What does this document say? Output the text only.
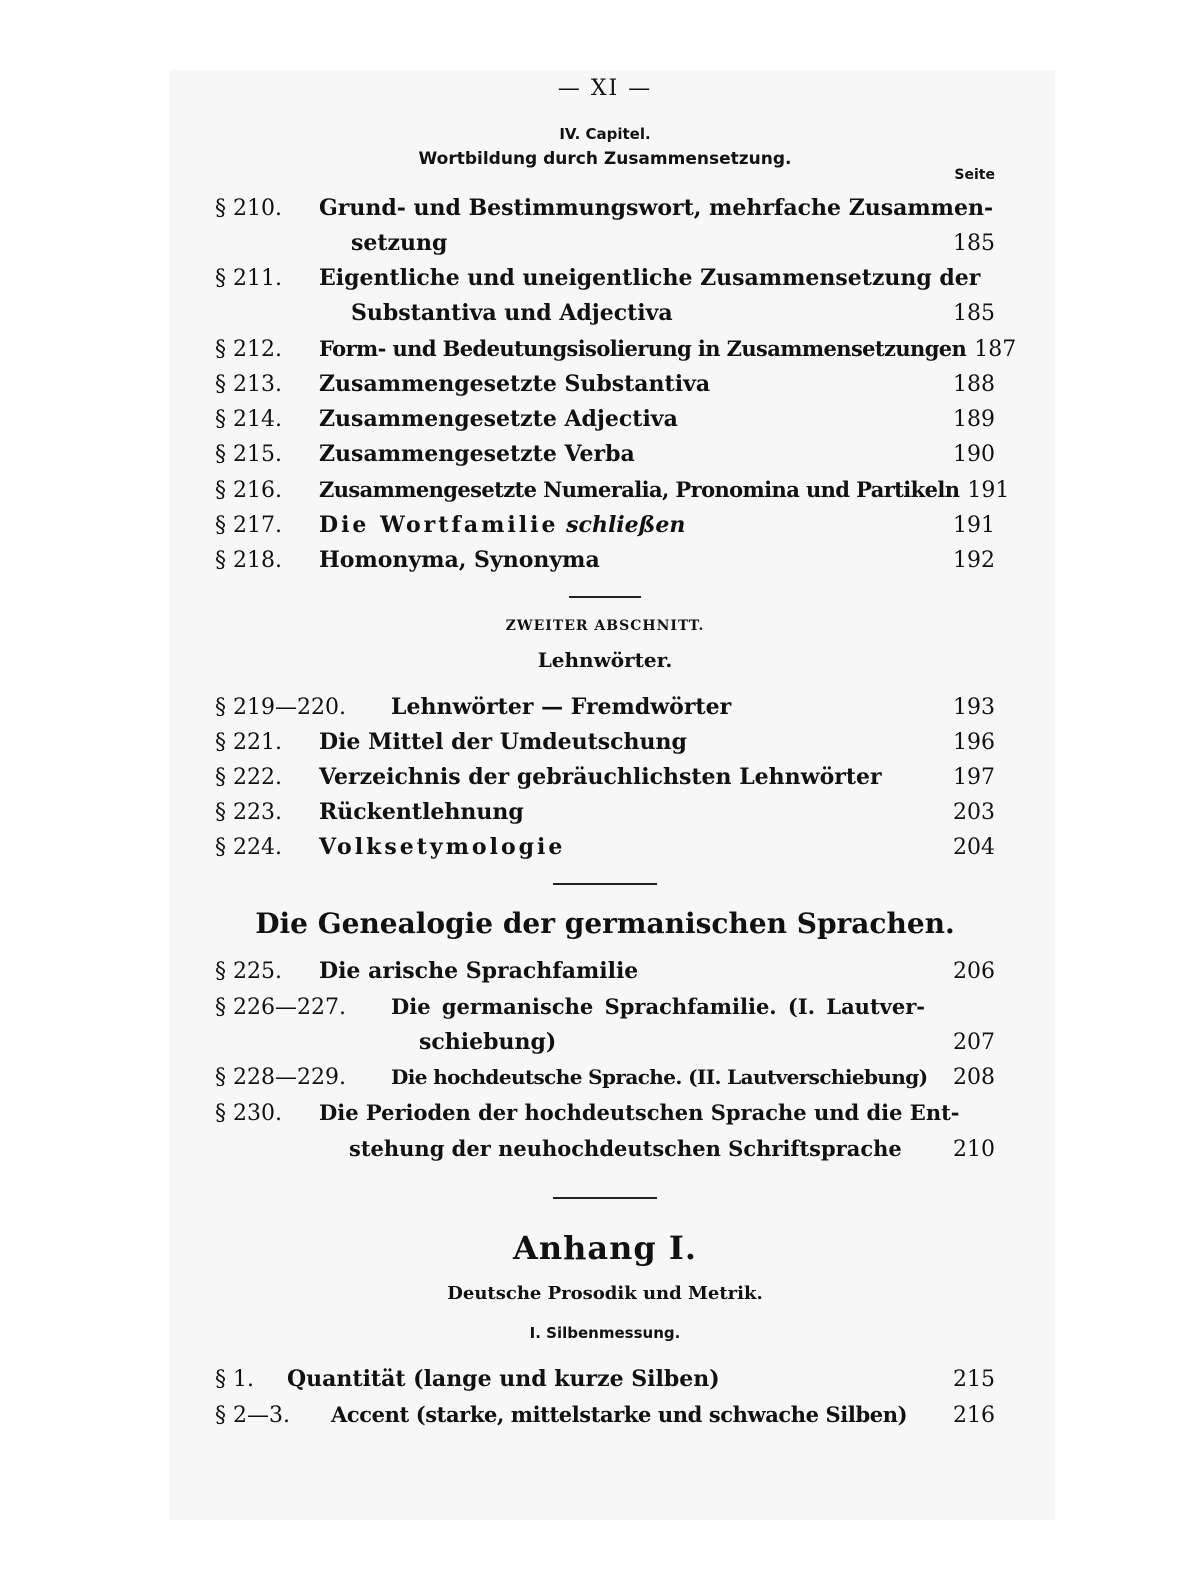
— XI —
IV. Capitel.
Wortbildung durch Zusammensetzung.
Seite
§ 210.	Grund- und Bestimmungswort, mehrfache Zusammen-
setzung	185
§ 211.	Eigentliche und uneigentliche Zusammensetzung der
Substantiva und Adjectiva	185
§ 212.	Form- und Bedeutungsisolierung in Zusammensetzungen 187
§ 213.	Zusammengesetzte Substantiva	188
§ 214.	Zusammengesetzte Adjectiva	189
§ 215.	Zusammengesetzte Verba	190
§ 216.	Zusammengesetzte Numeralia, Pronomina und Partikeln 191
§ 217.	Die Wortfamilie schließen	191
§ 218.	Homonyma, Synonyma	192
ZWEITER ABSCHNITT.
Lehnwörter.
§ 219—220.	Lehnwörter — Fremdwörter	193
§ 221.	Die Mittel der Umdeutschung	196
§ 222.	Verzeichnis der gebräuchlichsten Lehnwörter	197
§ 223.	Rückentlehnung	203
§ 224.	Volksetymologie	204
Die Genealogie der germanischen Sprachen.
§ 225.	Die arische Sprachfamilie	206
§ 226—227.	Die germanische Sprachfamilie. (I. Lautver-
schiebung)	207
§ 228—229.	Die hochdeutsche Sprache. (II. Lautverschiebung)	208
§ 230.	Die Perioden der hochdeutschen Sprache und die Ent-
stehung der neuhochdeutschen Schriftsprache	210
Anhang I.
Deutsche Prosodik und Metrik.
I. Silbenmessung.
§ 1.	Quantität (lange und kurze Silben)	215
§ 2—3.	Accent (starke, mittelstarke und schwache Silben)	216
